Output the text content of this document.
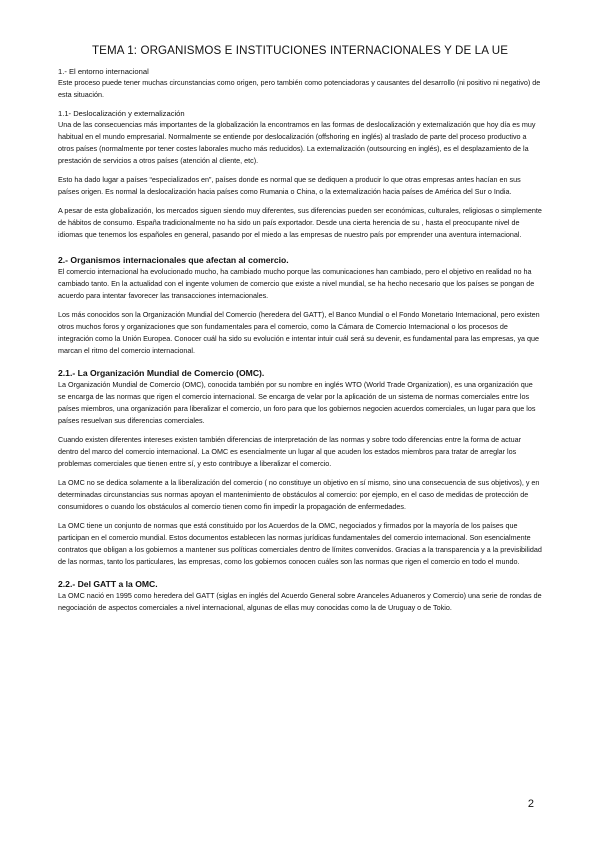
TEMA 1: ORGANISMOS E INSTITUCIONES INTERNACIONALES Y DE LA UE
1.- El entorno internacional

Este proceso puede tener muchas circunstancias como origen, pero también como potenciadoras y causantes del desarrollo (ni positivo ni negativo) de esta situación.

1.1- Deslocalización y externalización

Una de las consecuencias más importantes de la globalización la encontramos en las formas de deslocalización y externalización que hoy día es muy habitual en el mundo empresarial. Normalmente se entiende por deslocalización (offshoring en inglés) al traslado de parte del proceso productivo a otros países (normalmente por tener costes laborales mucho más reducidos). La externalización (outsourcing en inglés), es el desplazamiento de la prestación de servicios a otros países (atención al cliente, etc).

Esto ha dado lugar a países “especializados en”, países donde es normal que se dediquen a producir lo que otras empresas antes hacían en sus países origen. Es normal la deslocalización hacia países como Rumania o China, o la externalización hacia países de América del Sur o India.

A pesar de esta globalización, los mercados siguen siendo muy diferentes, sus diferencias pueden ser económicas, culturales, religiosas o simplemente de hábitos de consumo. España tradicionalmente no ha sido un país exportador. Desde una cierta herencia de su , hasta el preocupante nivel de idiomas que tenemos los españoles en general, pasando por el miedo a las empresas de nuestro país por emprender una aventura internacional.

2.- Organismos internacionales que afectan al comercio.

El comercio internacional ha evolucionado mucho, ha cambiado mucho porque las comunicaciones han cambiado, pero el objetivo en realidad no ha cambiado tanto. En la actualidad con el ingente volumen de comercio que existe a nivel mundial, se ha hecho necesario que los países se pongan de acuerdo para intentar favorecer las transacciones internacionales.

Los más conocidos son la Organización Mundial del Comercio (heredera del GATT), el Banco Mundial o el Fondo Monetario Internacional, pero existen otros muchos foros y organizaciones que son fundamentales para el comercio, como la Cámara de Comercio Internacional o los procesos de integración como la Unión Europea. Conocer cuál ha sido su evolución e intentar intuir cuál será su devenir, es fundamental para las empresas, ya que marcan el ritmo del comercio internacional.

2.1.- La Organización Mundial de Comercio (OMC).

La Organización Mundial de Comercio (OMC), conocida también por su nombre en inglés WTO (World Trade Organization), es una organización que se encarga de las normas que rigen el comercio internacional. Se encarga de velar por la aplicación de un sistema de normas comerciales entre los países miembros, una organización para liberalizar el comercio, un foro para que los gobiernos negocien acuerdos comerciales, un lugar para que los países resuelvan sus diferencias comerciales.

Cuando existen diferentes intereses existen también diferencias de interpretación de las normas y sobre todo diferencias entre la forma de actuar dentro del marco del comercio internacional. La OMC es esencialmente un lugar al que acuden los estados miembros para tratar de arreglar los problemas comerciales que tienen entre sí, y esto contribuye a liberalizar el comercio.

La OMC no se dedica solamente a la liberalización del comercio ( no constituye un objetivo en sí mismo, sino una consecuencia de sus objetivos), y en determinadas circunstancias sus normas apoyan el mantenimiento de obstáculos al comercio: por ejemplo, en el caso de medidas de protección de consumidores o cuando los obstáculos al comercio tienen como fin impedir la propagación de enfermedades.

La OMC tiene un conjunto de normas que está constituido por los Acuerdos de la OMC, negociados y firmados por la mayoría de los países que participan en el comercio mundial. Estos documentos establecen las normas jurídicas fundamentales del comercio internacional. Son esencialmente contratos que obligan a los gobiernos a mantener sus políticas comerciales dentro de límites convenidos. Gracias a la transparencia y a la previsibilidad de las normas, tanto los particulares, las empresas, como los gobiernos conocen cuáles son las normas que rigen el comercio en todo el mundo.

2.2.- Del GATT a la OMC.

La OMC nació en 1995 como heredera del GATT (siglas en inglés del Acuerdo General sobre Aranceles Aduaneros y Comercio) una serie de rondas de negociación de aspectos comerciales a nivel internacional, algunas de ellas muy conocidas como la de Uruguay o de Tokio.

2
